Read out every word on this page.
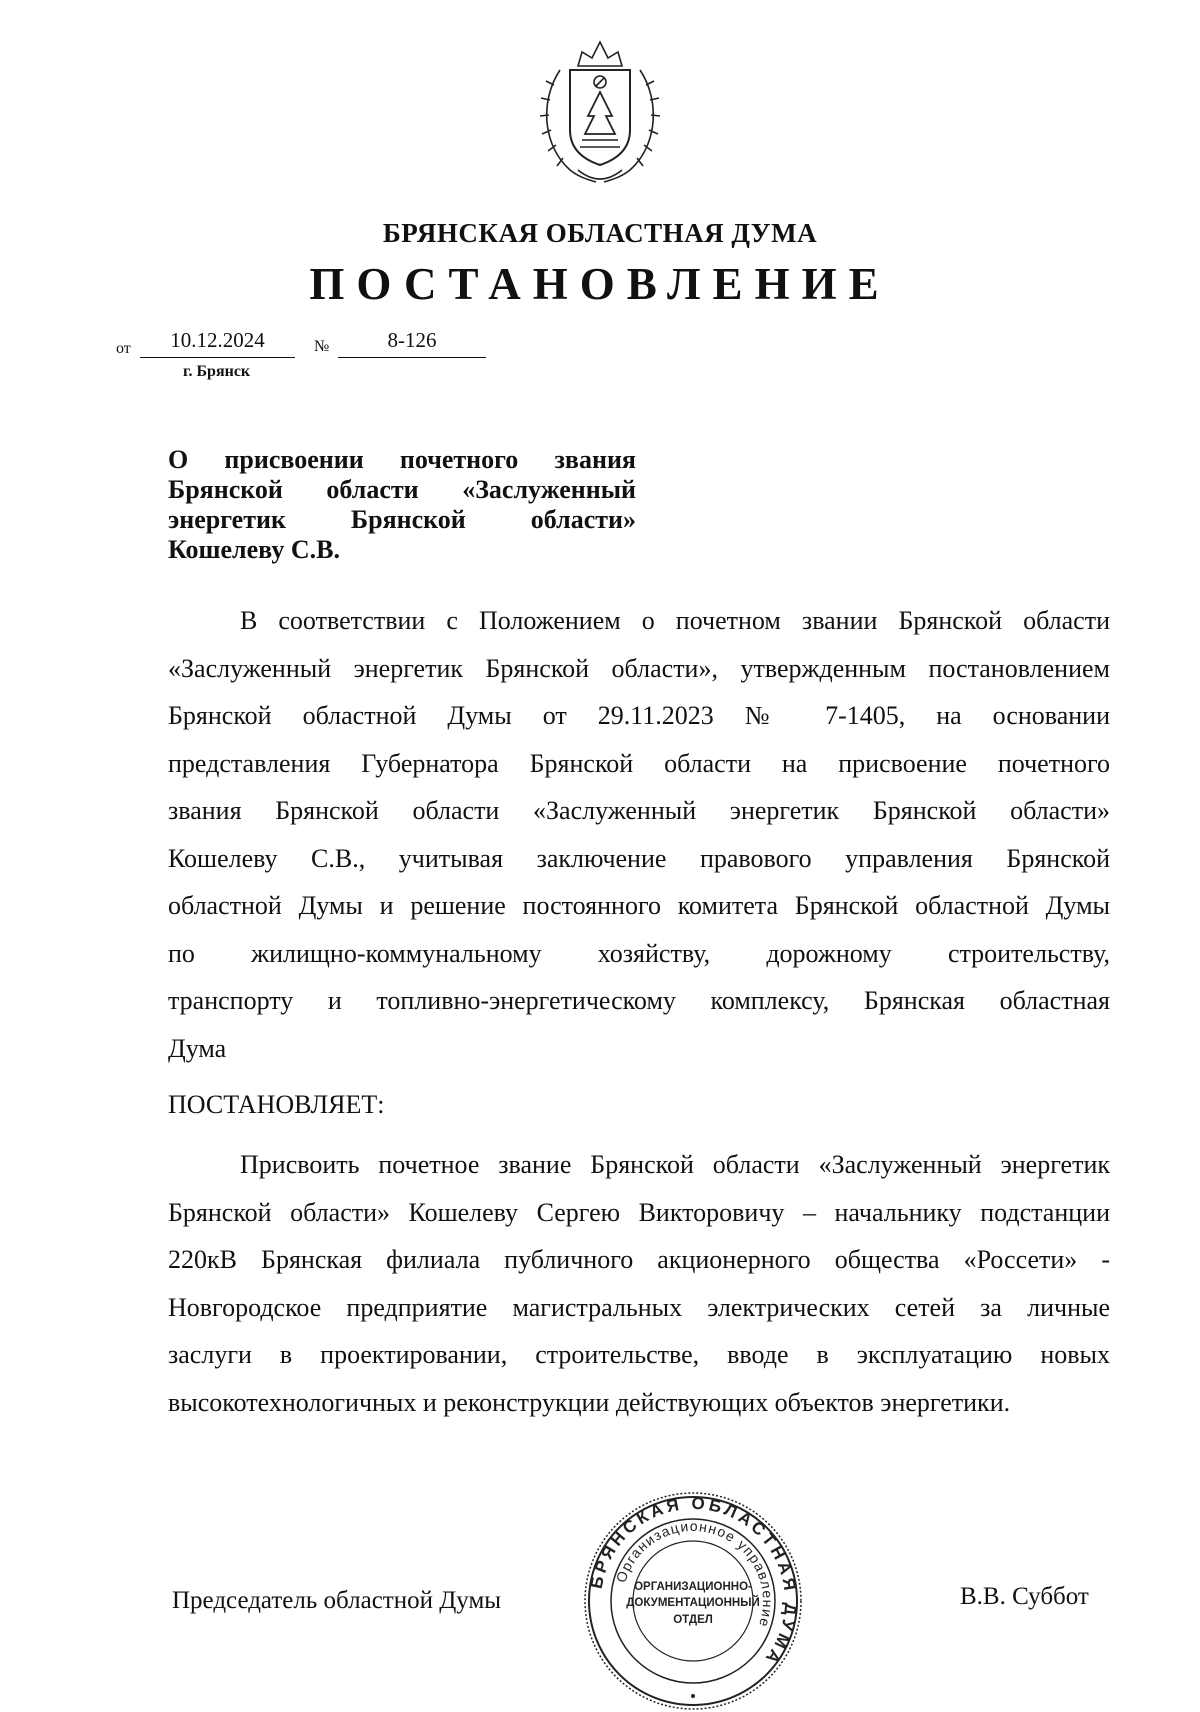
БРЯНСКАЯ ОБЛАСТНАЯ ДУМА
ПОСТАНОВЛЕНИЕ
от	10.12.2024	№	8-126
г. Брянск
О присвоении почетного звания
Брянской области «Заслуженный
энергетик Брянской области»
Кошелеву С.В.
В соответствии с Положением о почетном звании Брянской области
«Заслуженный энергетик Брянской области», утвержденным постановлением
Брянской областной Думы от 29.11.2023 № 7-1405, на основании
представления Губернатора Брянской области на присвоение почетного
звания Брянской области «Заслуженный энергетик Брянской области»
Кошелеву С.В., учитывая заключение правового управления Брянской
областной Думы и решение постоянного комитета Брянской областной Думы
по жилищно-коммунальному хозяйству, дорожному строительству,
транспорту и топливно-энергетическому комплексу, Брянская областная
Дума
ПОСТАНОВЛЯЕТ:
Присвоить почетное звание Брянской области «Заслуженный энергетик
Брянской области» Кошелеву Сергею Викторовичу – начальнику подстанции
220кВ Брянская филиала публичного акционерного общества «Россети» -
Новгородское предприятие магистральных электрических сетей за личные
заслуги в проектировании, строительстве, вводе в эксплуатацию новых
высокотехнологичных и реконструкции действующих объектов энергетики.
Председатель областной Думы
БРЯНСКАЯ ОБЛАСТНАЯ ДУМА
Организационное управление
ОРГАНИЗАЦИОННО-
ДОКУМЕНТАЦИОННЫЙ
ОТДЕЛ
В.В. Суббот
